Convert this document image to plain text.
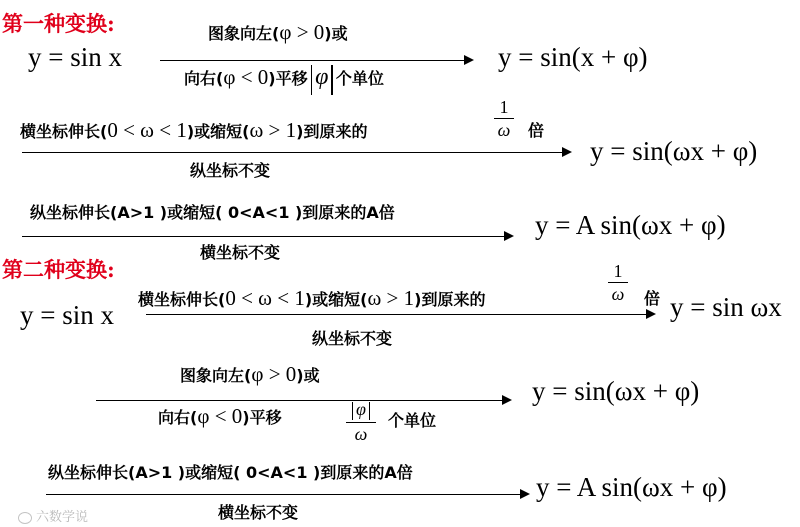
第一种变换:
y = sin x
图象向左(φ > 0)或
向右(φ < 0)平移 φ 个单位
y = sin(x + φ)
横坐标伸长(0 < ω < 1)或缩短(ω > 1)到原来的
1
ω 倍
纵坐标不变
y = sin(ωx + φ)
纵坐标伸长(A>1 )或缩短( 0<A<1 )到原来的A倍
横坐标不变
y = A sin(ωx + φ)
第二种变换:
y = sin x
横坐标伸长(0 < ω < 1)或缩短(ω > 1)到原来的
1
ω 倍
纵坐标不变
y = sin ωx
图象向左(φ > 0)或
向右(φ < 0)平移	φ
ω
个单位
y = sin(ωx + φ)
纵坐标伸长(A>1 )或缩短( 0<A<1 )到原来的A倍
横坐标不变
y = A sin(ωx + φ)
六数学说
